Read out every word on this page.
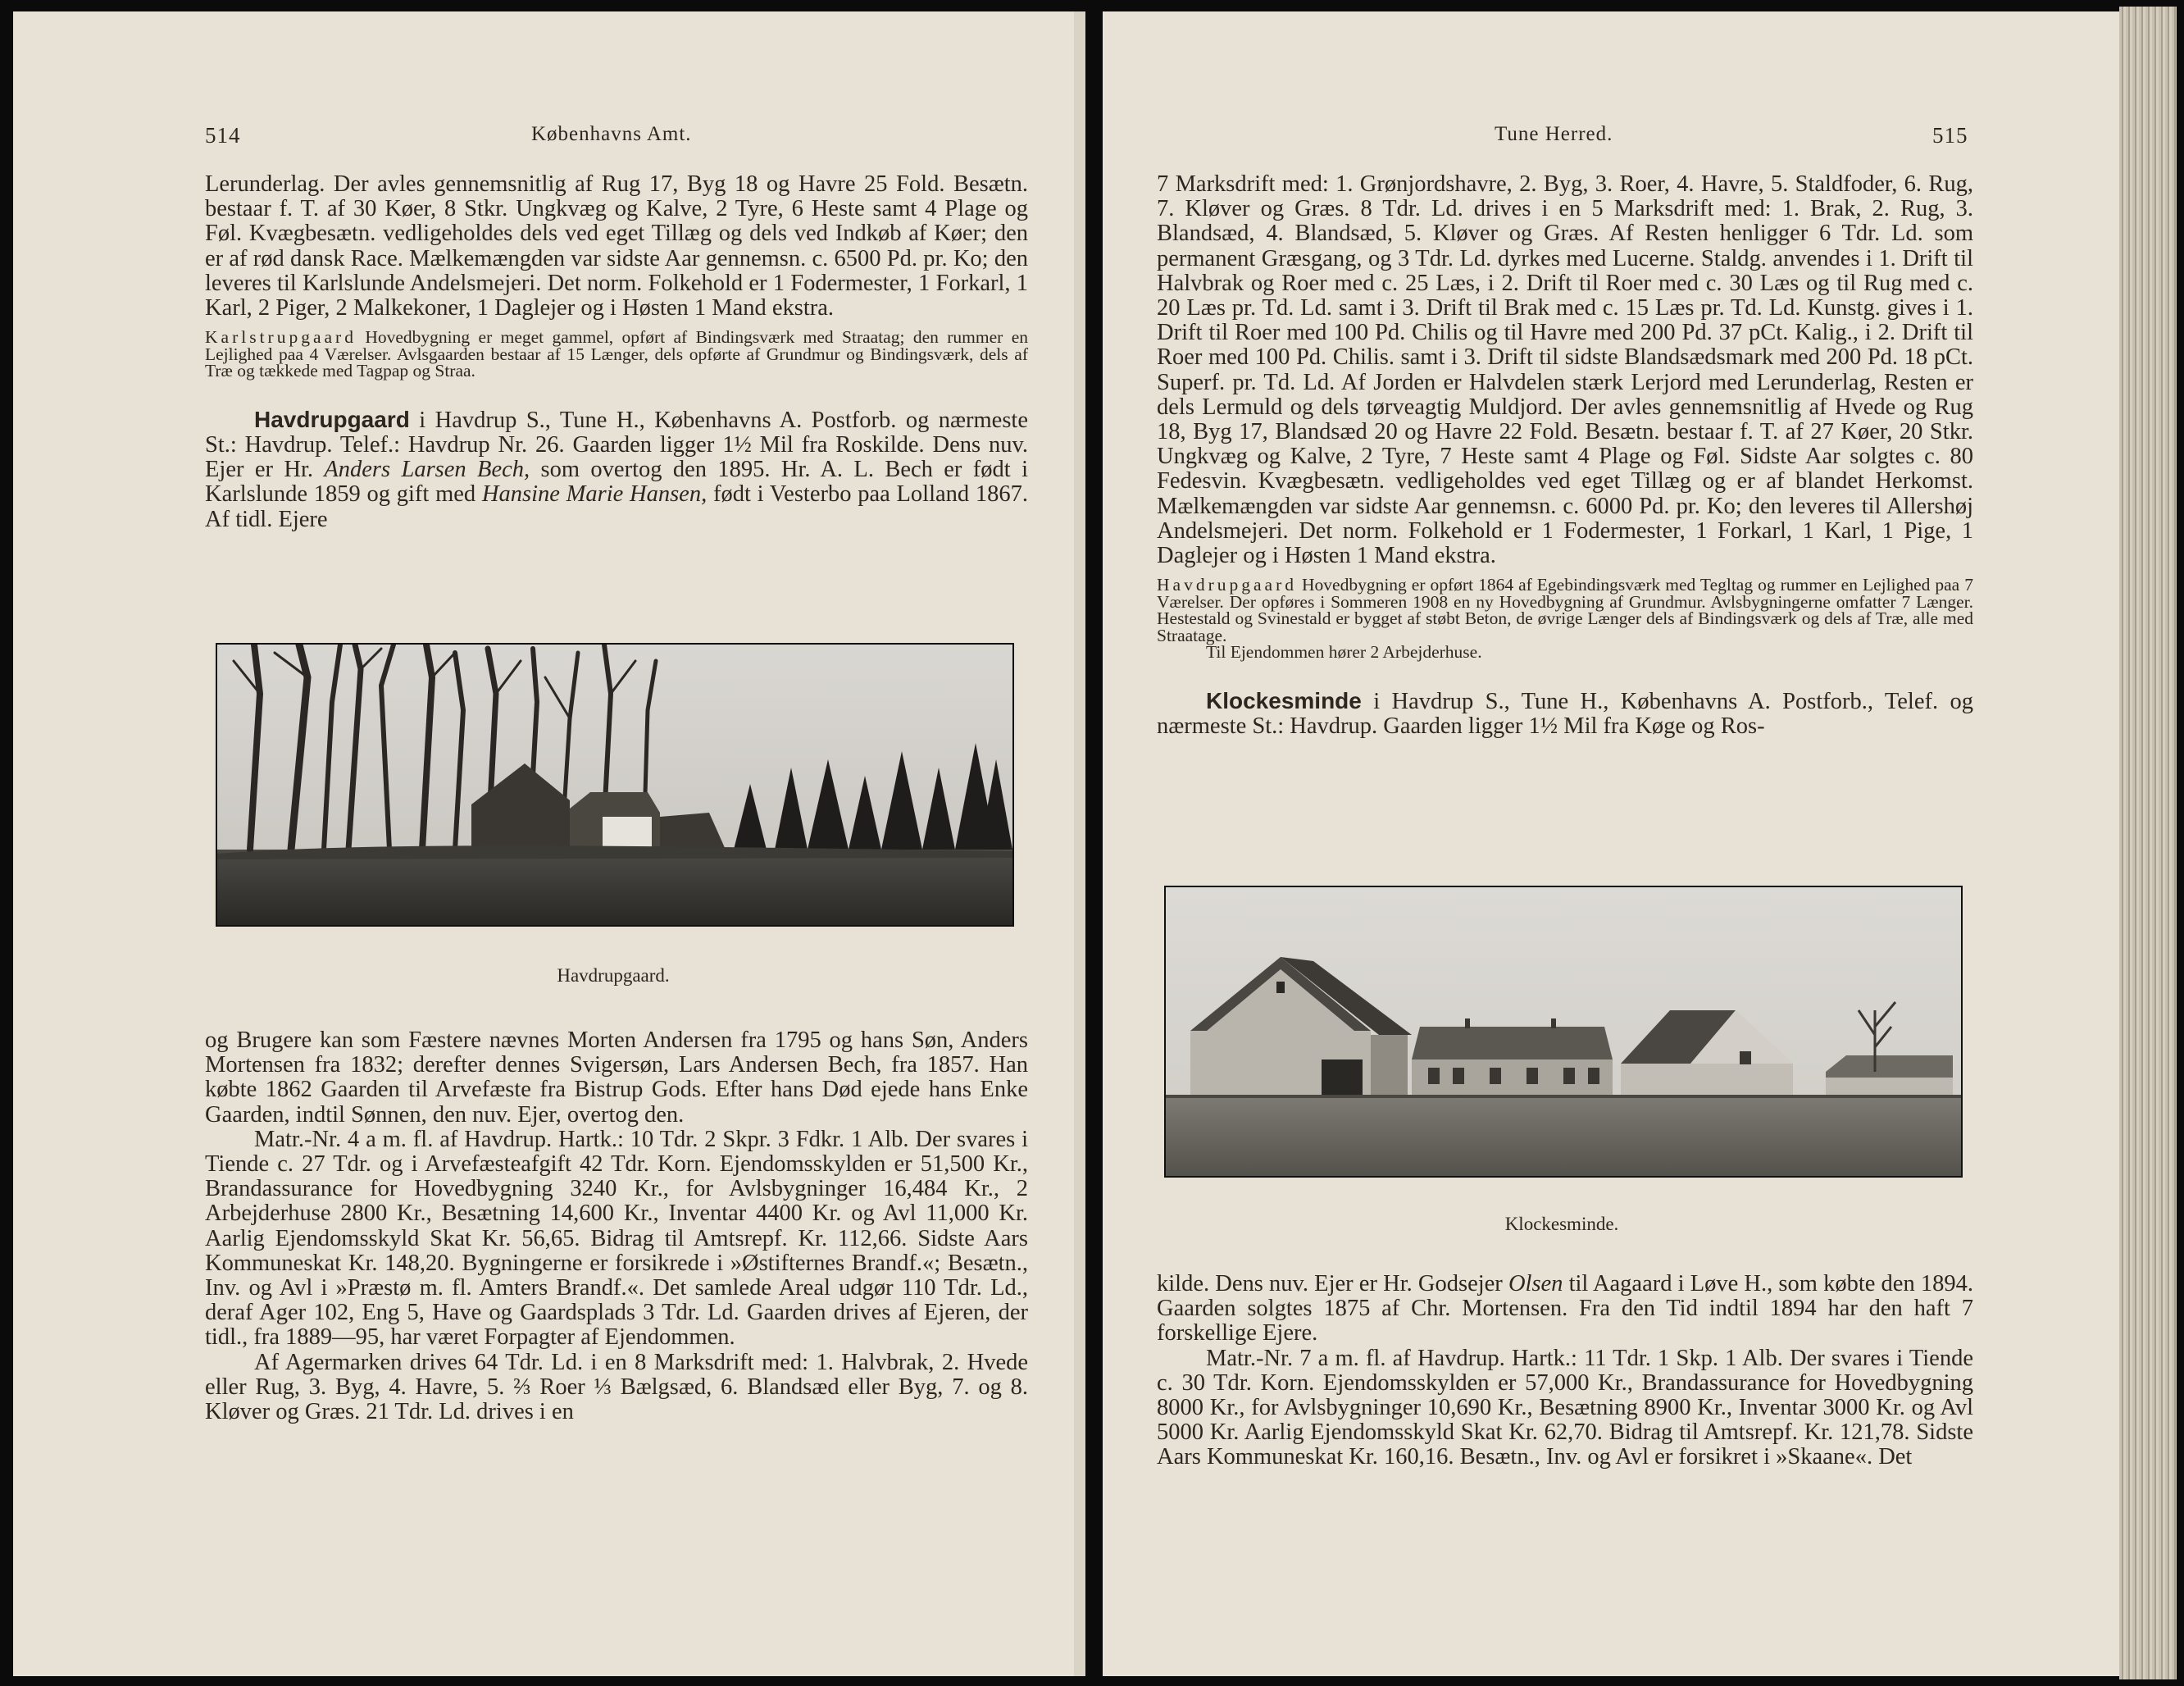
514	Københavns Amt.

Lerunderlag. Der avles gennemsnitlig af Rug 17, Byg 18 og Havre 25 Fold. Besætn. bestaar f. T. af 30 Køer, 8 Stkr. Ungkvæg og Kalve, 2 Tyre, 6 Heste samt 4 Plage og Føl. Kvægbesætn. vedligeholdes dels ved eget Tillæg og dels ved Indkøb af Køer; den er af rød dansk Race. Mælkemængden var sidste Aar gennemsn. c. 6500 Pd. pr. Ko; den leveres til Karlslunde Andelsmejeri. Det norm. Folkehold er 1 Fodermester, 1 Forkarl, 1 Karl, 2 Piger, 2 Malkekoner, 1 Daglejer og i Høsten 1 Mand ekstra.

Karlstrupgaard Hovedbygning er meget gammel, opført af Bindingsværk med Straatag; den rummer en Lejlighed paa 4 Værelser. Avlsgaarden bestaar af 15 Længer, dels opførte af Grundmur og Bindingsværk, dels af Træ og tækkede med Tagpap og Straa.

Havdrupgaard i Havdrup S., Tune H., Københavns A. Postforb. og nærmeste St.: Havdrup. Telef.: Havdrup Nr. 26. Gaarden ligger 1½ Mil fra Roskilde. Dens nuv. Ejer er Hr. Anders Larsen Bech, som overtog den 1895. Hr. A. L. Bech er født i Karlslunde 1859 og gift med Hansine Marie Hansen, født i Vesterbo paa Lolland 1867. Af tidl. Ejere

Havdrupgaard.

og Brugere kan som Fæstere nævnes Morten Andersen fra 1795 og hans Søn, Anders Mortensen fra 1832; derefter dennes Svigersøn, Lars Andersen Bech, fra 1857. Han købte 1862 Gaarden til Arvefæste fra Bistrup Gods. Efter hans Død ejede hans Enke Gaarden, indtil Sønnen, den nuv. Ejer, overtog den.

Matr.-Nr. 4 a m. fl. af Havdrup. Hartk.: 10 Tdr. 2 Skpr. 3 Fdkr. 1 Alb. Der svares i Tiende c. 27 Tdr. og i Arvefæsteafgift 42 Tdr. Korn. Ejendomsskylden er 51,500 Kr., Brandassurance for Hovedbygning 3240 Kr., for Avlsbygninger 16,484 Kr., 2 Arbejderhuse 2800 Kr., Besætning 14,600 Kr., Inventar 4400 Kr. og Avl 11,000 Kr. Aarlig Ejendomsskyld Skat Kr. 56,65. Bidrag til Amtsrepf. Kr. 112,66. Sidste Aars Kommuneskat Kr. 148,20. Bygningerne er forsikrede i »Østifternes Brandf.«; Besætn., Inv. og Avl i »Præstø m. fl. Amters Brandf.«. Det samlede Areal udgør 110 Tdr. Ld., deraf Ager 102, Eng 5, Have og Gaardsplads 3 Tdr. Ld. Gaarden drives af Ejeren, der tidl., fra 1889—95, har været Forpagter af Ejendommen.

Af Agermarken drives 64 Tdr. Ld. i en 8 Marksdrift med: 1. Halvbrak, 2. Hvede eller Rug, 3. Byg, 4. Havre, 5. ⅔ Roer ⅓ Bælgsæd, 6. Blandsæd eller Byg, 7. og 8. Kløver og Græs. 21 Tdr. Ld. drives i en

Tune Herred.	515

7 Marksdrift med: 1. Grønjordshavre, 2. Byg, 3. Roer, 4. Havre, 5. Staldfoder, 6. Rug, 7. Kløver og Græs. 8 Tdr. Ld. drives i en 5 Marksdrift med: 1. Brak, 2. Rug, 3. Blandsæd, 4. Blandsæd, 5. Kløver og Græs. Af Resten henligger 6 Tdr. Ld. som permanent Græsgang, og 3 Tdr. Ld. dyrkes med Lucerne. Staldg. anvendes i 1. Drift til Halvbrak og Roer med c. 25 Læs, i 2. Drift til Roer med c. 30 Læs og til Rug med c. 20 Læs pr. Td. Ld. samt i 3. Drift til Brak med c. 15 Læs pr. Td. Ld. Kunstg. gives i 1. Drift til Roer med 100 Pd. Chilis og til Havre med 200 Pd. 37 pCt. Kalig., i 2. Drift til Roer med 100 Pd. Chilis. samt i 3. Drift til sidste Blandsædsmark med 200 Pd. 18 pCt. Superf. pr. Td. Ld. Af Jorden er Halvdelen stærk Lerjord med Lerunderlag, Resten er dels Lermuld og dels tørveagtig Muldjord. Der avles gennemsnitlig af Hvede og Rug 18, Byg 17, Blandsæd 20 og Havre 22 Fold. Besætn. bestaar f. T. af 27 Køer, 20 Stkr. Ungkvæg og Kalve, 2 Tyre, 7 Heste samt 4 Plage og Føl. Sidste Aar solgtes c. 80 Fedesvin. Kvægbesætn. vedligeholdes ved eget Tillæg og er af blandet Herkomst. Mælkemængden var sidste Aar gennemsn. c. 6000 Pd. pr. Ko; den leveres til Allershøj Andelsmejeri. Det norm. Folkehold er 1 Fodermester, 1 Forkarl, 1 Karl, 1 Pige, 1 Daglejer og i Høsten 1 Mand ekstra.

Havdrupgaard Hovedbygning er opført 1864 af Egebindingsværk med Tegltag og rummer en Lejlighed paa 7 Værelser. Der opføres i Sommeren 1908 en ny Hovedbygning af Grundmur. Avlsbygningerne omfatter 7 Længer. Hestestald og Svinestald er bygget af støbt Beton, de øvrige Længer dels af Bindingsværk og dels af Træ, alle med Straatage.

Til Ejendommen hører 2 Arbejderhuse.

Klockesminde i Havdrup S., Tune H., Københavns A. Postforb., Telef. og nærmeste St.: Havdrup. Gaarden ligger 1½ Mil fra Køge og Ros-

Klockesminde.

kilde. Dens nuv. Ejer er Hr. Godsejer Olsen til Aagaard i Løve H., som købte den 1894. Gaarden solgtes 1875 af Chr. Mortensen. Fra den Tid indtil 1894 har den haft 7 forskellige Ejere.

Matr.-Nr. 7 a m. fl. af Havdrup. Hartk.: 11 Tdr. 1 Skp. 1 Alb. Der svares i Tiende c. 30 Tdr. Korn. Ejendomsskylden er 57,000 Kr., Brandassurance for Hovedbygning 8000 Kr., for Avlsbygninger 10,690 Kr., Besætning 8900 Kr., Inventar 3000 Kr. og Avl 5000 Kr. Aarlig Ejendomsskyld Skat Kr. 62,70. Bidrag til Amtsrepf. Kr. 121,78. Sidste Aars Kommuneskat Kr. 160,16. Besætn., Inv. og Avl er forsikret i »Skaane«. Det
